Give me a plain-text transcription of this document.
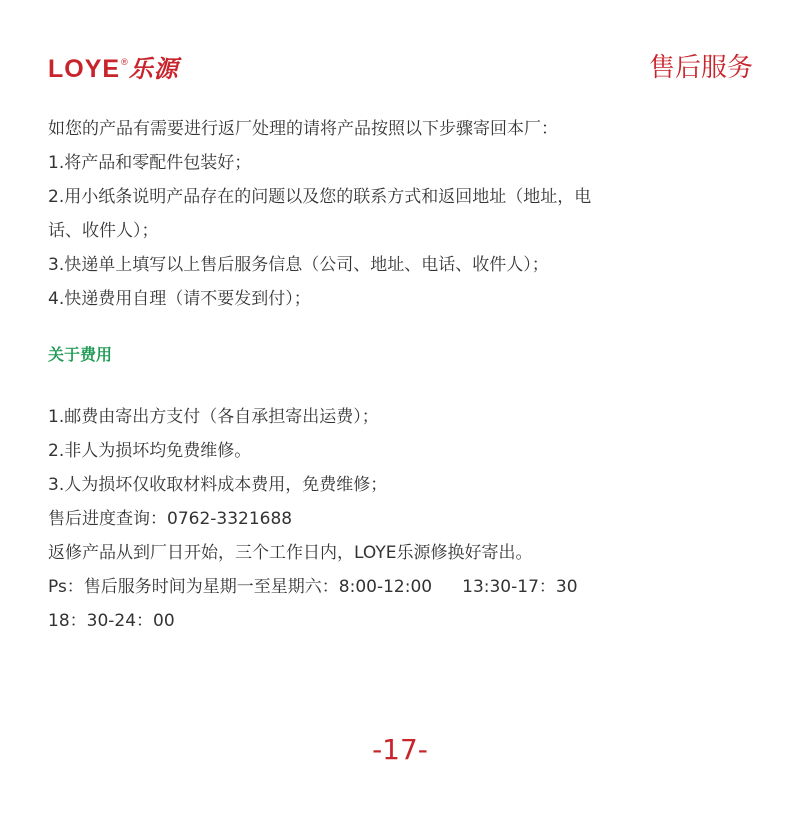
LOYE ® 乐源	售后服务
如您的产品有需要进行返厂处理的请将产品按照以下步骤寄回本厂：
1.将产品和零配件包装好；
2.用小纸条说明产品存在的问题以及您的联系方式和返回地址（地址，电
话、收件人）；
3.快递单上填写以上售后服务信息（公司、地址、电话、收件人）；
4.快递费用自理（请不要发到付）；
关于费用
1.邮费由寄出方支付（各自承担寄出运费）；
2.非人为损坏均免费维修。
3.人为损坏仅收取材料成本费用，免费维修；
售后进度查询：0762-3321688
返修产品从到厂日开始，三个工作日内，LOYE乐源修换好寄出。
Ps：售后服务时间为星期一至星期六：8:00-12:00 13:30-17：30
18：30-24：00
-17-
